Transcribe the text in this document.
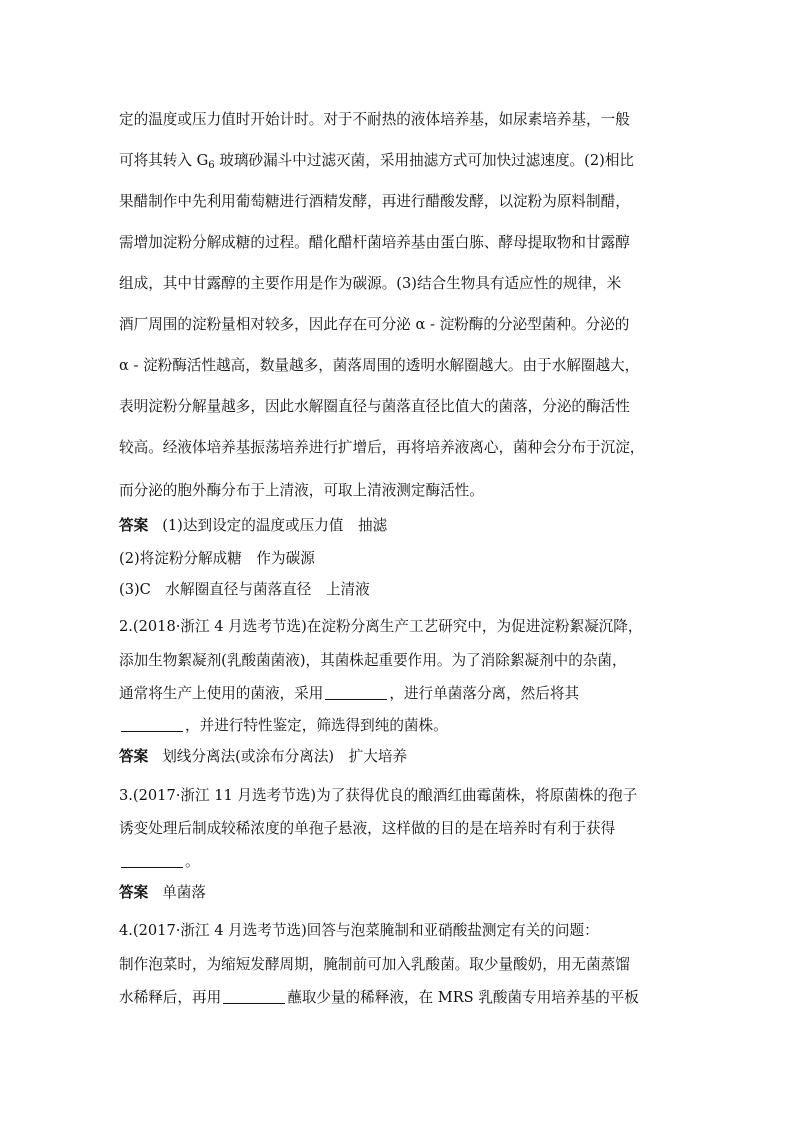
定的温度或压力值时开始计时。对于不耐热的液体培养基，如尿素培养基，一般
可将其转入 $G_6$ 玻璃砂漏斗中过滤灭菌，采用抽滤方式可加快过滤速度。(2)相比
果醋制作中先利用葡萄糖进行酒精发酵，再进行醋酸发酵，以淀粉为原料制醋，
需增加淀粉分解成糖的过程。醋化醋杆菌培养基由蛋白胨、酵母提取物和甘露醇
组成，其中甘露醇的主要作用是作为碳源。(3)结合生物具有适应性的规律，米
酒厂周围的淀粉量相对较多，因此存在可分泌 α - 淀粉酶的分泌型菌种。分泌的
α - 淀粉酶活性越高，数量越多，菌落周围的透明水解圈越大。由于水解圈越大，
表明淀粉分解量越多，因此水解圈直径与菌落直径比值大的菌落，分泌的酶活性
较高。经液体培养基振荡培养进行扩增后，再将培养液离心，菌种会分布于沉淀，
而分泌的胞外酶分布于上清液，可取上清液测定酶活性。
答案 (1)达到设定的温度或压力值　抽滤
(2)将淀粉分解成糖　作为碳源
(3)C　水解圈直径与菌落直径　上清液
2.(2018·浙江 4 月选考节选)在淀粉分离生产工艺研究中，为促进淀粉絮凝沉降，
添加生物絮凝剂(乳酸菌菌液)，其菌株起重要作用。为了消除絮凝剂中的杂菌，
通常将生产上使用的菌液，采用	，进行单菌落分离，然后将其
，并进行特性鉴定，筛选得到纯的菌株。
答案 划线分离法(或涂布分离法)　扩大培养
3.(2017·浙江 11 月选考节选)为了获得优良的酿酒红曲霉菌株，将原菌株的孢子
诱变处理后制成较稀浓度的单孢子悬液，这样做的目的是在培养时有利于获得
。
答案 单菌落
4.(2017·浙江 4 月选考节选)回答与泡菜腌制和亚硝酸盐测定有关的问题：
制作泡菜时，为缩短发酵周期，腌制前可加入乳酸菌。取少量酸奶，用无菌蒸馏
水稀释后，再用	蘸取少量的稀释液，在 MRS 乳酸菌专用培养基的平板
